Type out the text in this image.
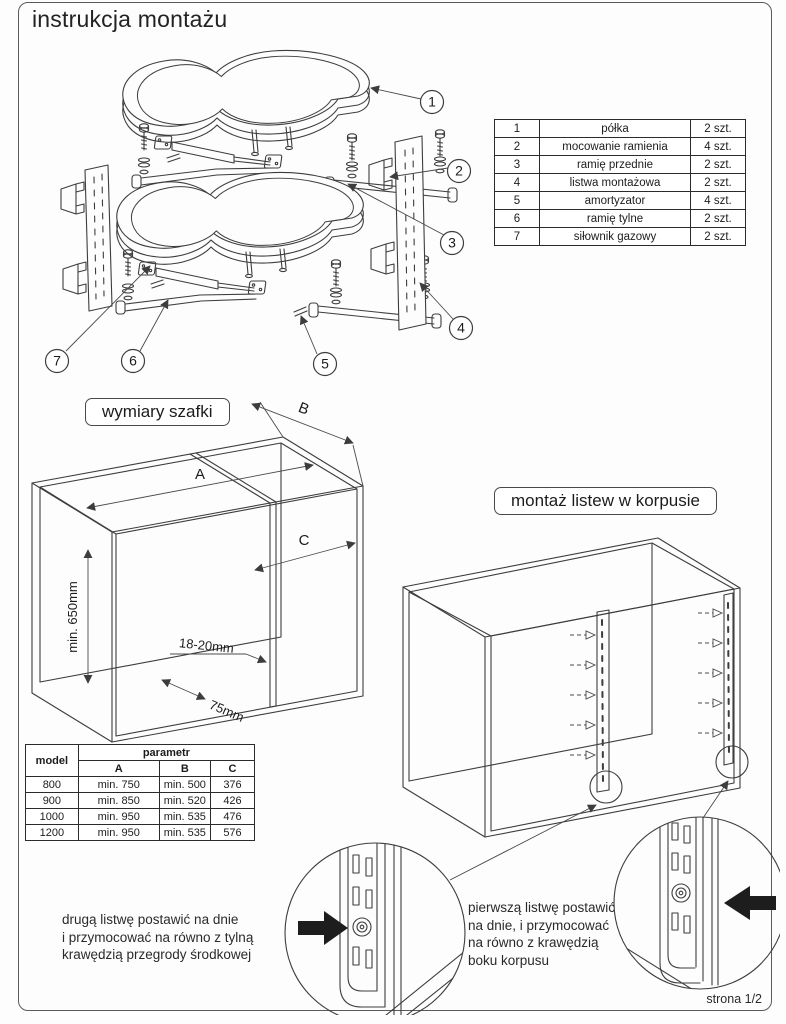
instrukcja montażu
1
2
3
4
5
6
7
1	półka	2 szt.
2	mocowanie ramienia	4 szt.
3	ramię przednie	2 szt.
4	listwa montażowa	2 szt.
5	amortyzator	4 szt.
6	ramię tylne	2 szt.
7	siłownik gazowy	2 szt.
A
B
C
min. 650mm	18-20mm
75mm
wymiary szafki
montaż listew w korpusie
model	parametr		
	A	B	C
800	min. 750	min. 500	376
900	min. 850	min. 520	426
1000	min. 950	min. 535	476
1200	min. 950	min. 535	576
drugą listwę postawić na dnie
i przymocować na równo z tylną
krawędzią przegrody środkowej
pierwszą listwę postawić
na dnie, i przymocować
na równo z krawędzią
boku korpusu
strona 1/2
